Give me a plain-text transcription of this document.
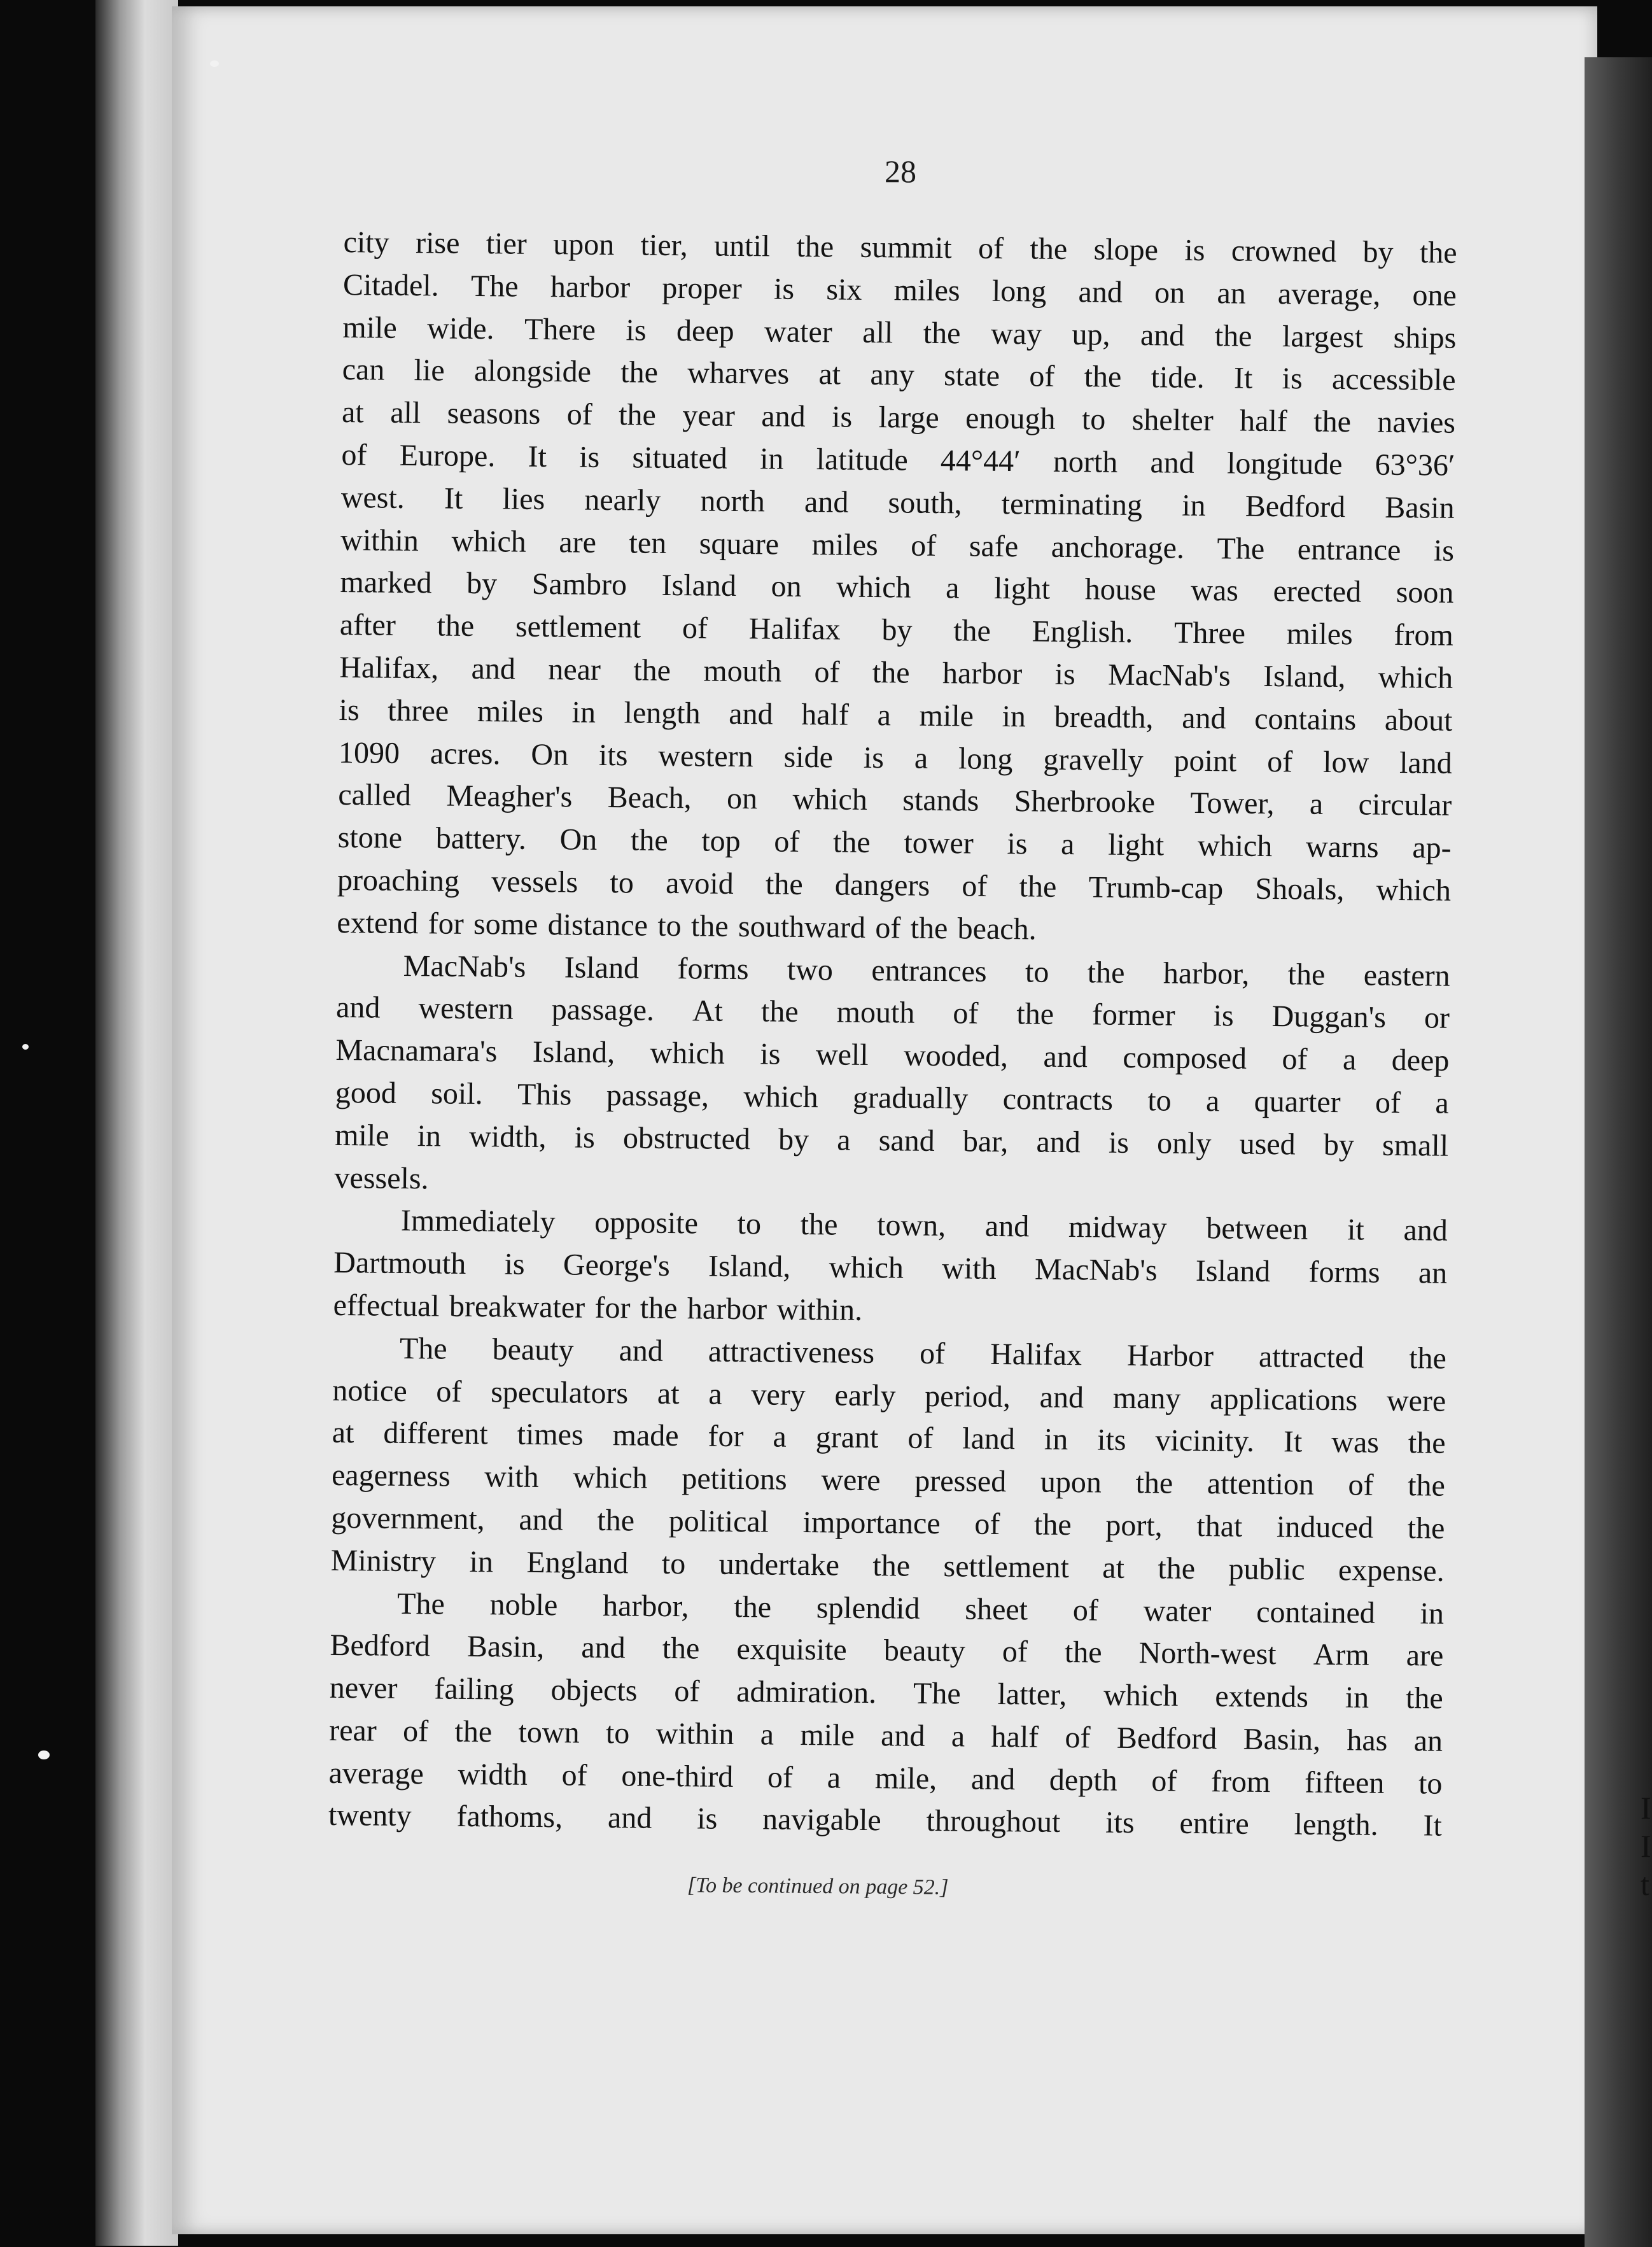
I
I
t
28
city rise tier upon tier, until the summit of the slope is crowned by the
Citadel. The harbor proper is six miles long and on an average, one
mile wide. There is deep water all the way up, and the largest ships
can lie alongside the wharves at any state of the tide. It is accessible
at all seasons of the year and is large enough to shelter half the navies
of Europe. It is situated in latitude 44°44′ north and longitude 63°36′
west. It lies nearly north and south, terminating in Bedford Basin
within which are ten square miles of safe anchorage. The entrance is
marked by Sambro Island on which a light house was erected soon
after the settlement of Halifax by the English. Three miles from
Halifax, and near the mouth of the harbor is MacNab's Island, which
is three miles in length and half a mile in breadth, and contains about
1090 acres. On its western side is a long gravelly point of low land
called Meagher's Beach, on which stands Sherbrooke Tower, a circular
stone battery. On the top of the tower is a light which warns ap-
proaching vessels to avoid the dangers of the Trumb-cap Shoals, which
extend for some distance to the southward of the beach.
MacNab's Island forms two entrances to the harbor, the eastern
and western passage. At the mouth of the former is Duggan's or
Macnamara's Island, which is well wooded, and composed of a deep
good soil. This passage, which gradually contracts to a quarter of a
mile in width, is obstructed by a sand bar, and is only used by small
vessels.
Immediately opposite to the town, and midway between it and
Dartmouth is George's Island, which with MacNab's Island forms an
effectual breakwater for the harbor within.
The beauty and attractiveness of Halifax Harbor attracted the
notice of speculators at a very early period, and many applications were
at different times made for a grant of land in its vicinity. It was the
eagerness with which petitions were pressed upon the attention of the
government, and the political importance of the port, that induced the
Ministry in England to undertake the settlement at the public expense.
The noble harbor, the splendid sheet of water contained in
Bedford Basin, and the exquisite beauty of the North-west Arm are
never failing objects of admiration. The latter, which extends in the
rear of the town to within a mile and a half of Bedford Basin, has an
average width of one-third of a mile, and depth of from fifteen to
twenty fathoms, and is navigable throughout its entire length. It
[To be continued on page 52.]
